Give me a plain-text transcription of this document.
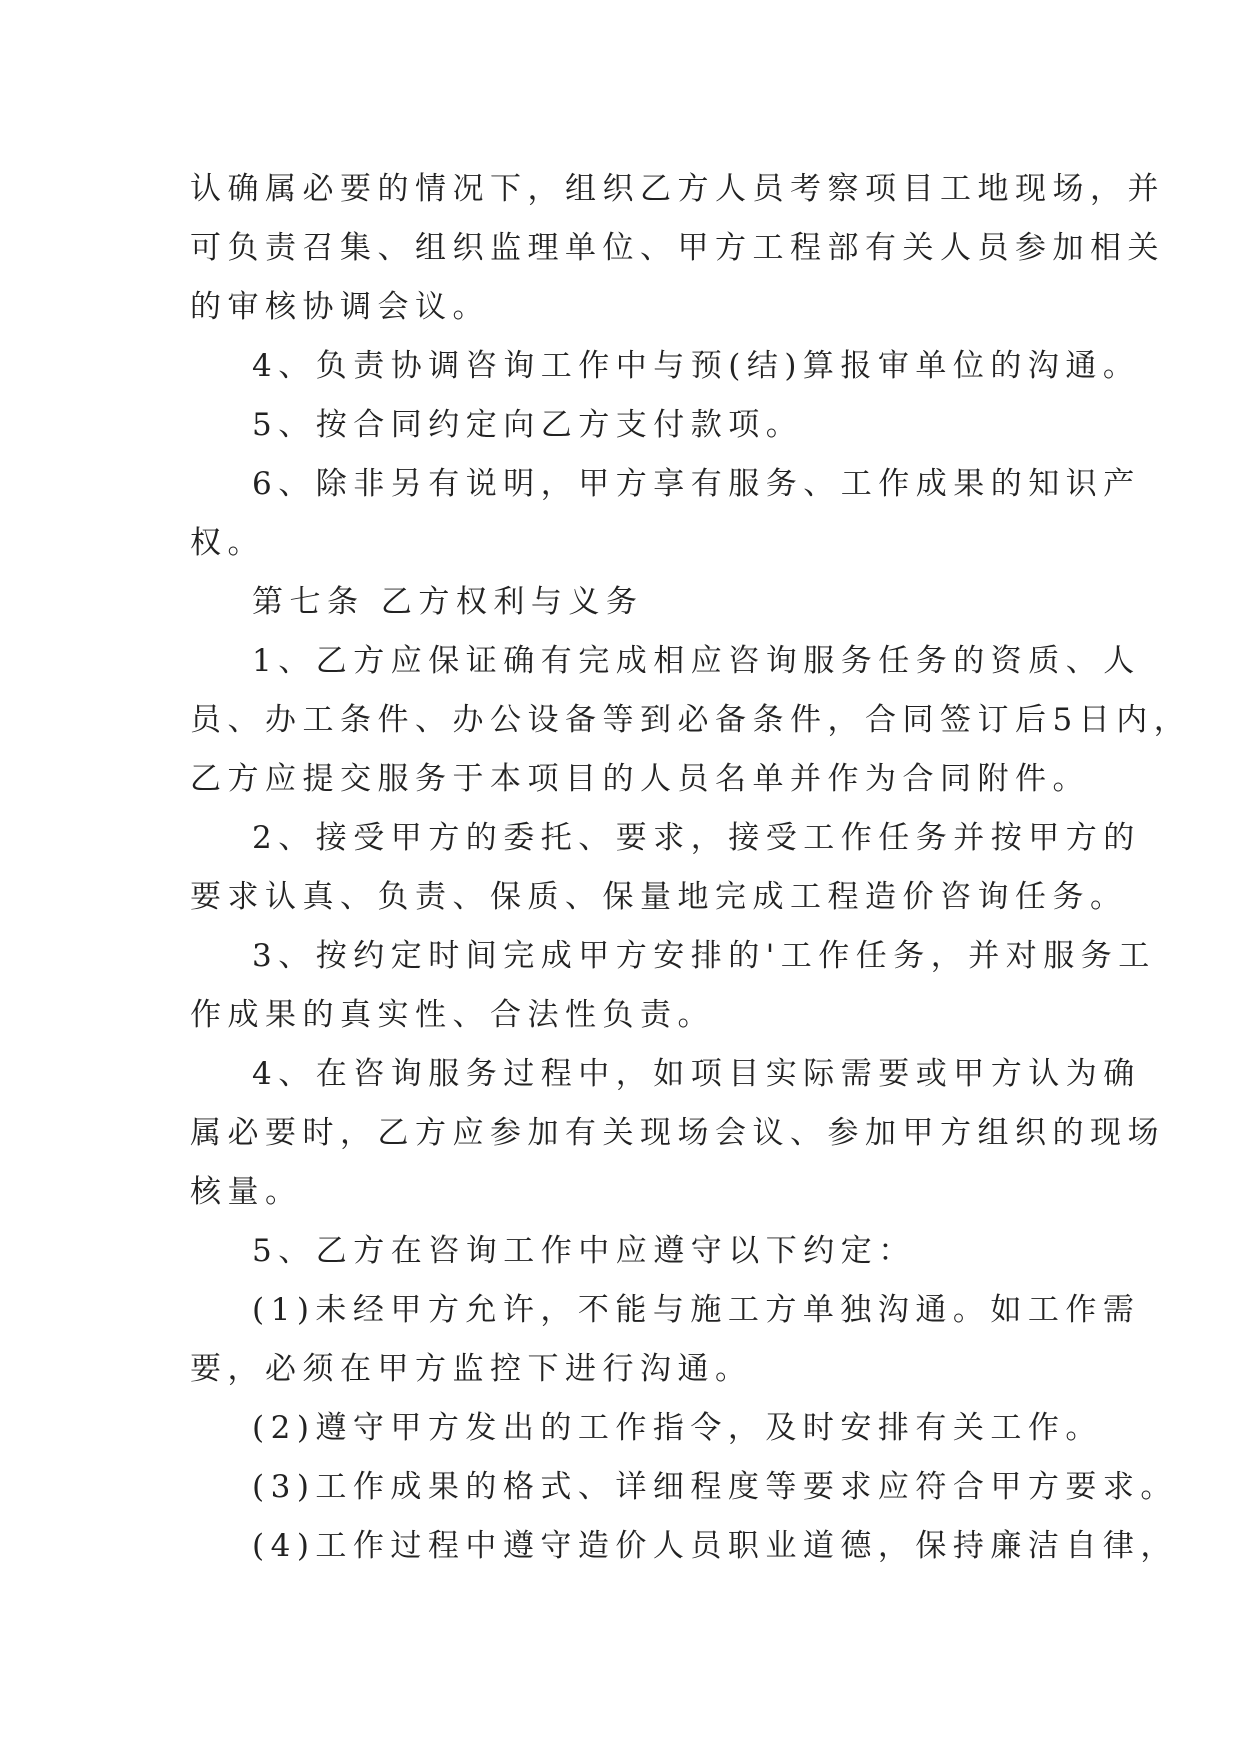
认确属必要的情况下，组织乙方人员考察项目工地现场，并
可负责召集、组织监理单位、甲方工程部有关人员参加相关
的审核协调会议。
4、负责协调咨询工作中与预(结)算报审单位的沟通。
5、按合同约定向乙方支付款项。
6、除非另有说明，甲方享有服务、工作成果的知识产
权。
第七条 乙方权利与义务
1、乙方应保证确有完成相应咨询服务任务的资质、人
员、办工条件、办公设备等到必备条件，合同签订后5日内，
乙方应提交服务于本项目的人员名单并作为合同附件。
2、接受甲方的委托、要求，接受工作任务并按甲方的
要求认真、负责、保质、保量地完成工程造价咨询任务。
3、按约定时间完成甲方安排的'工作任务，并对服务工
作成果的真实性、合法性负责。
4、在咨询服务过程中，如项目实际需要或甲方认为确
属必要时，乙方应参加有关现场会议、参加甲方组织的现场
核量。
5、乙方在咨询工作中应遵守以下约定：
(1)未经甲方允许，不能与施工方单独沟通。如工作需
要，必须在甲方监控下进行沟通。
(2)遵守甲方发出的工作指令，及时安排有关工作。
(3)工作成果的格式、详细程度等要求应符合甲方要求。
(4)工作过程中遵守造价人员职业道德，保持廉洁自律，
